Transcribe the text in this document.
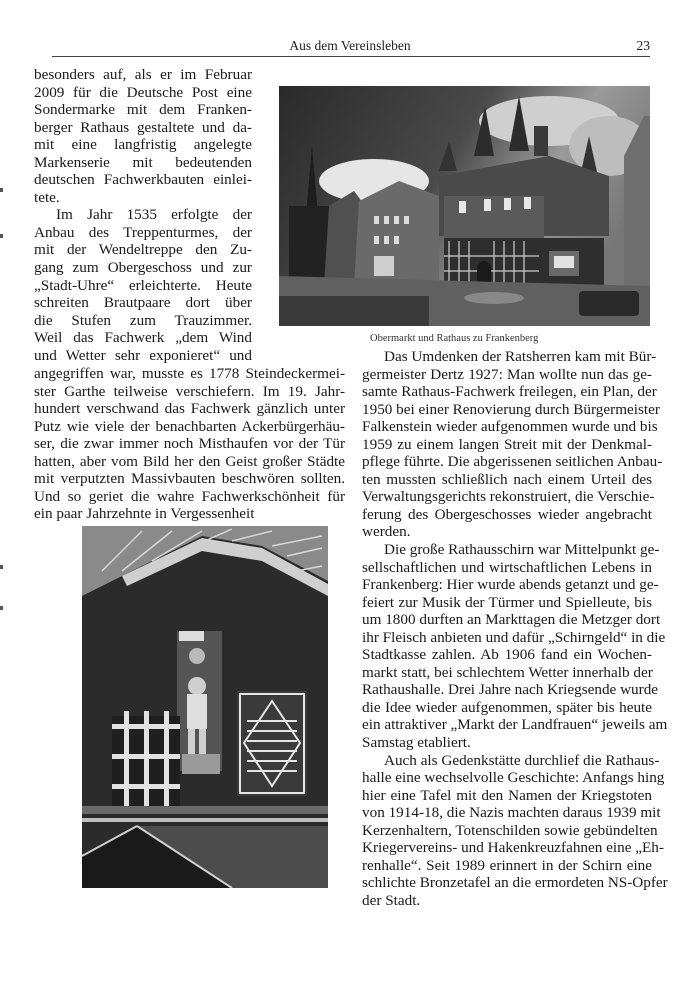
Aus dem Vereinsleben	23
besonders auf, als er im Februar
2009 für die Deutsche Post eine
Sondermarke mit dem Franken-
berger Rathaus gestaltete und da-
mit eine langfristig angelegte
Markenserie mit bedeutenden
deutschen Fachwerkbauten einlei-
tete.
Im Jahr 1535 erfolgte der
Anbau des Treppenturmes, der
mit der Wendeltreppe den Zu-
gang zum Obergeschoss und zur
„Stadt-Uhre“ erleichterte. Heute
schreiten Brautpaare dort über
die Stufen zum Trauzimmer.
Weil das Fachwerk „dem Wind
und Wetter sehr exponieret“ und
angegriffen war, musste es 1778 Steindeckermei-
ster Garthe teilweise verschiefern. Im 19. Jahr-
hundert verschwand das Fachwerk gänzlich unter
Putz wie viele der benachbarten Ackerbürgerhäu-
ser, die zwar immer noch Misthaufen vor der Tür
hatten, aber vom Bild her den Geist großer Städte
mit verputzten Massivbauten beschwören sollten.
Und so geriet die wahre Fachwerkschönheit für
ein paar Jahrzehnte in Vergessenheit
Obermarkt und Rathaus zu Frankenberg
Das Umdenken der Ratsherren kam mit Bür-
germeister Dertz 1927: Man wollte nun das ge-
samte Rathaus-Fachwerk freilegen, ein Plan, der
1950 bei einer Renovierung durch Bürgermeister
Falkenstein wieder aufgenommen wurde und bis
1959 zu einem langen Streit mit der Denkmal-
pflege führte. Die abgerissenen seitlichen Anbau-
ten mussten schließlich nach einem Urteil des
Verwaltungsgerichts rekonstruiert, die Verschie-
ferung des Obergeschosses wieder angebracht
werden.
Die große Rathausschirn war Mittelpunkt ge-
sellschaftlichen und wirtschaftlichen Lebens in
Frankenberg: Hier wurde abends getanzt und ge-
feiert zur Musik der Türmer und Spielleute, bis
um 1800 durften an Markttagen die Metzger dort
ihr Fleisch anbieten und dafür „Schirngeld“ in die
Stadtkasse zahlen. Ab 1906 fand ein Wochen-
markt statt, bei schlechtem Wetter innerhalb der
Rathaushalle. Drei Jahre nach Kriegsende wurde
die Idee wieder aufgenommen, später bis heute
ein attraktiver „Markt der Landfrauen“ jeweils am
Samstag etabliert.
Auch als Gedenkstätte durchlief die Rathaus-
halle eine wechselvolle Geschichte: Anfangs hing
hier eine Tafel mit den Namen der Kriegstoten
von 1914-18, die Nazis machten daraus 1939 mit
Kerzenhaltern, Totenschilden sowie gebündelten
Kriegervereins- und Hakenkreuzfahnen eine „Eh-
renhalle“. Seit 1989 erinnert in der Schirn eine
schlichte Bronzetafel an die ermordeten NS-Opfer
der Stadt.
